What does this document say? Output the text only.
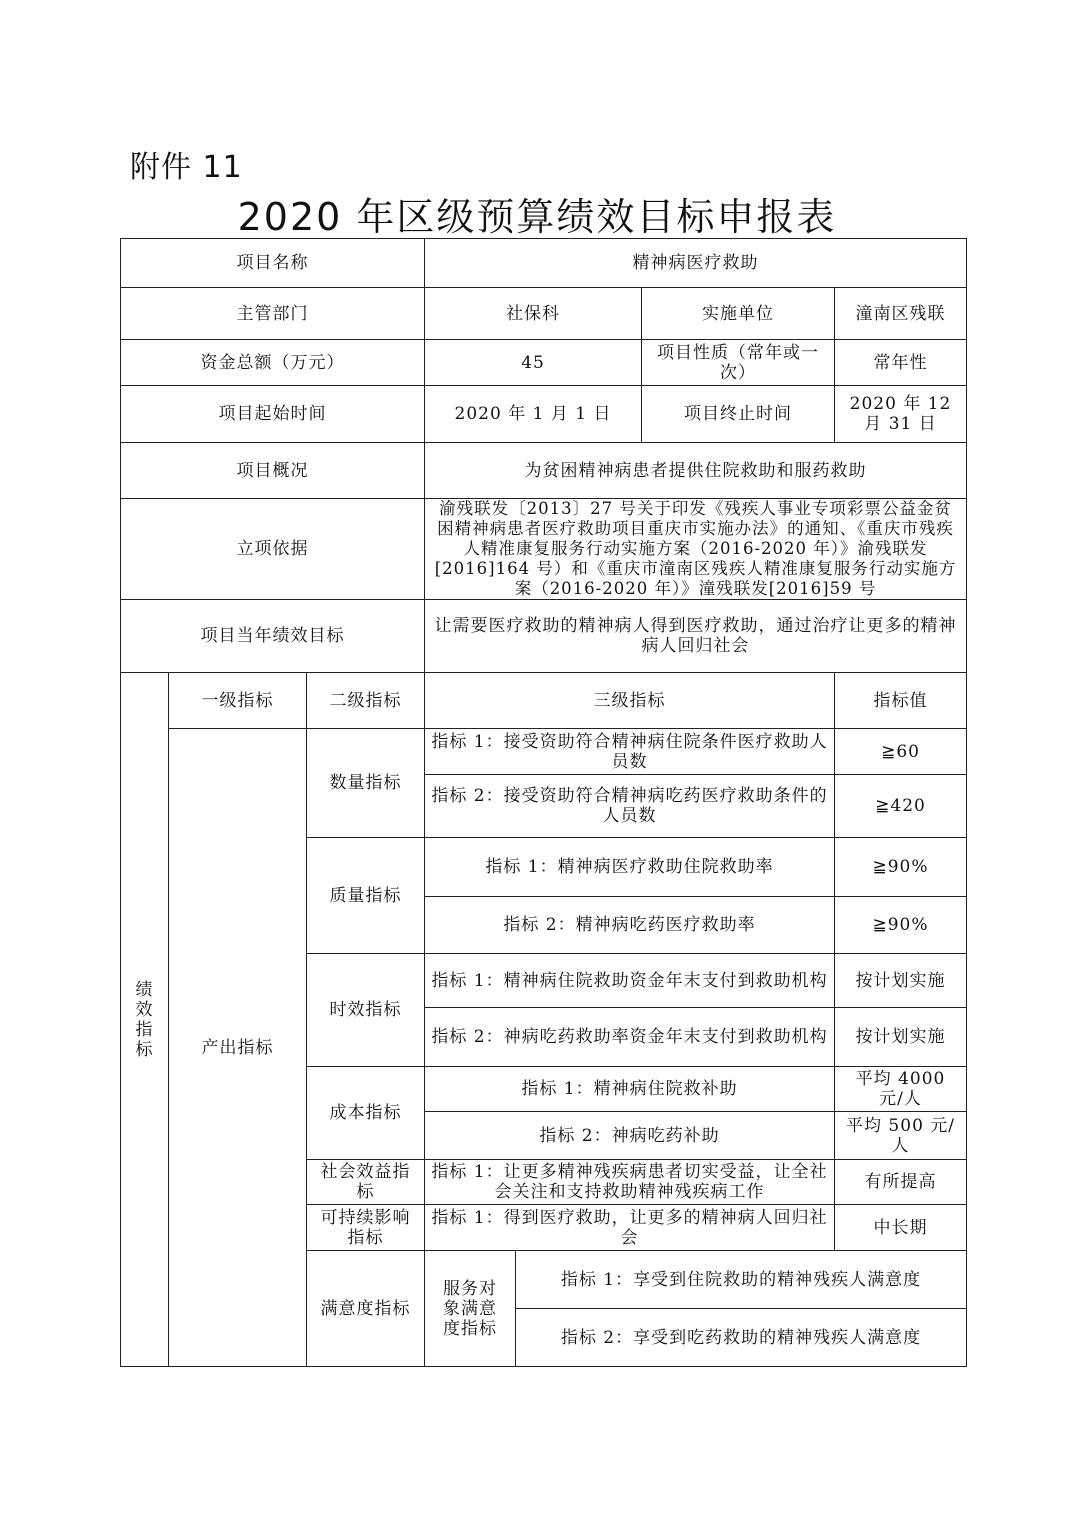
附件 11
2020 年区级预算绩效目标申报表
项目名称			精神病医疗救助				
主管部门			社保科		实施单位	潼南区残联	
资金总额（万元）			45		项目性质（常年或一次）	常年性	
项目起始时间			2020 年 1 月 1 日		项目终止时间	2020 年 12 月 31 日	
项目概况			为贫困精神病患者提供住院救助和服药救助				
立项依据			渝残联发〔2013〕27 号关于印发《残疾人事业专项彩票公益金贫困精神病患者医疗救助项目重庆市实施办法》的通知、《重庆市残疾人精准康复服务行动实施方案（2016-2020 年）》渝残联发[2016]164 号）和《重庆市潼南区残疾人精准康复服务行动实施方案（2016-2020 年）》潼残联发[2016]59 号				
项目当年绩效目标			让需要医疗救助的精神病人得到医疗救助，通过治疗让更多的精神病人回归社会				

绩效指标	一级指标	二级指标	三级指标			指标值	
	产出指标	数量指标	指标 1：接受资助符合精神病住院条件医疗救助人员数			≧60	
			指标 2：接受资助符合精神病吃药医疗救助条件的人员数			≧420	
		质量指标	指标 1：精神病医疗救助住院救助率			≧90%	
			指标 2：精神病吃药医疗救助率			≧90%	
		时效指标	指标 1：精神病住院救助资金年末支付到救助机构			按计划实施	
			指标 2：神病吃药救助率资金年末支付到救助机构			按计划实施	
		成本指标	指标 1：精神病住院救补助			平均 4000 元/人	
			指标 2：神病吃药补助			平均 500 元/人	
		社会效益指标	指标 1：让更多精神残疾病患者切实受益，让全社会关注和支持救助精神残疾病工作			有所提高	
		可持续影响指标	指标 1：得到医疗救助，让更多的精神病人回归社会			中长期	
		满意度指标	服务对象满意度指标	指标 1：享受到住院救助的精神残疾人满意度	
				指标 2：享受到吃药救助的精神残疾人满意度	
